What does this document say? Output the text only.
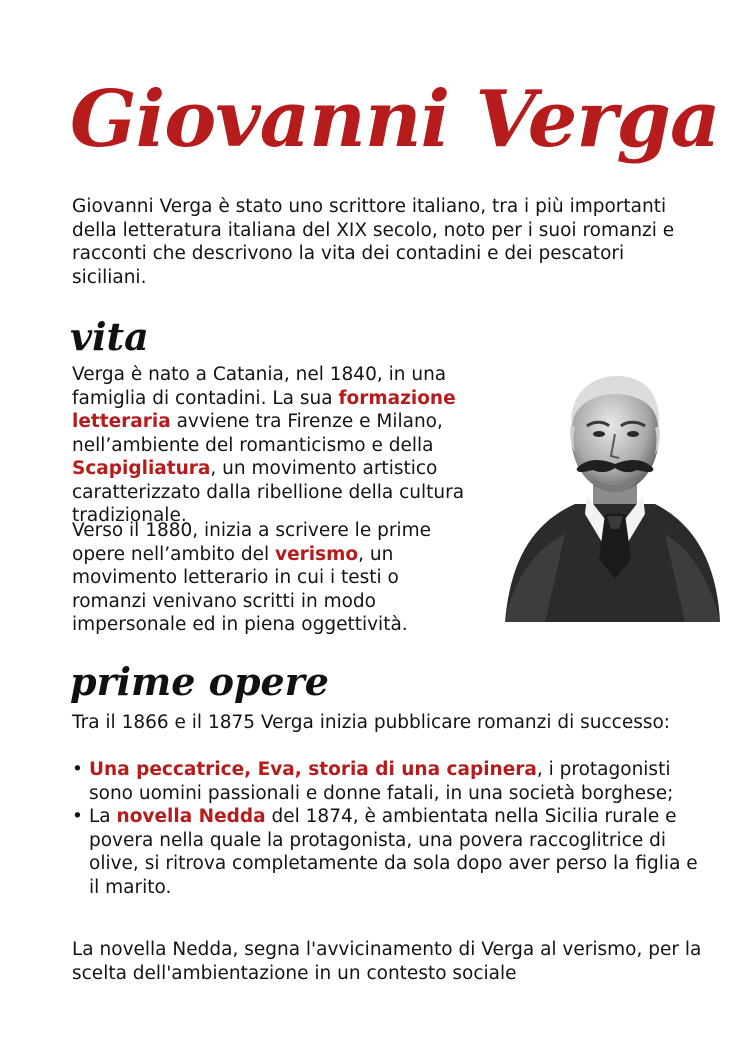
Giovanni Verga

Giovanni Verga è stato uno scrittore italiano, tra i più importanti della letteratura italiana del XIX secolo, noto per i suoi romanzi e racconti che descrivono la vita dei contadini e dei pescatori siciliani.

vita

Verga è nato a Catania, nel 1840, in una famiglia di contadini. La sua formazione letteraria avviene tra Firenze e Milano, nell’ambiente del romanticismo e della Scapigliatura, un movimento artistico caratterizzato dalla ribellione della cultura tradizionale.

Verso il 1880, inizia a scrivere le prime opere nell’ambito del verismo, un movimento letterario in cui i testi o romanzi venivano scritti in modo impersonale ed in piena oggettività.

prime opere

Tra il 1866 e il 1875 Verga inizia pubblicare romanzi di successo:

• Una peccatrice, Eva, storia di una capinera, i protagonisti sono uomini passionali e donne fatali, in una società borghese;
• La novella Nedda del 1874, è ambientata nella Sicilia rurale e povera nella quale la protagonista, una povera raccoglitrice di olive, si ritrova completamente da sola dopo aver perso la figlia e il marito.

La novella Nedda, segna l'avvicinamento di Verga al verismo, per la scelta dell'ambientazione in un contesto sociale
